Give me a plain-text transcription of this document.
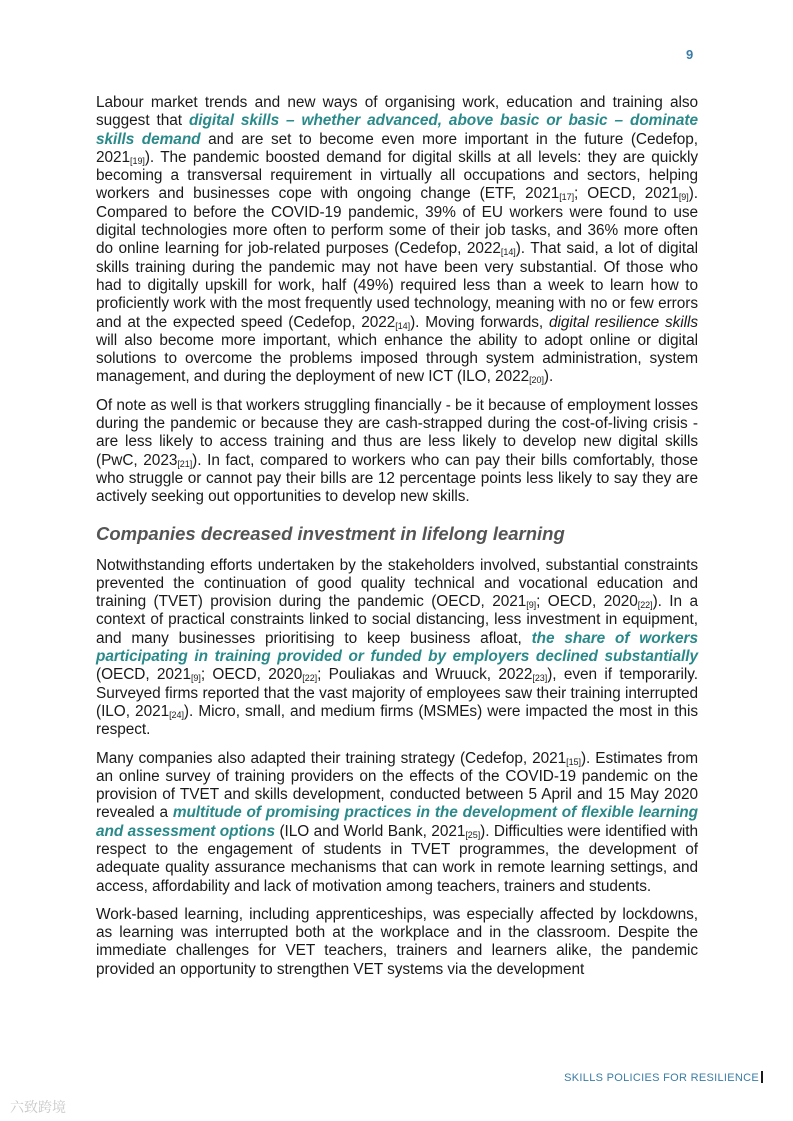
9

Labour market trends and new ways of organising work, education and training also suggest that digital skills – whether advanced, above basic or basic – dominate skills demand and are set to become even more important in the future (Cedefop, $2021_{[19]}$). The pandemic boosted demand for digital skills at all levels: they are quickly becoming a transversal requirement in virtually all occupations and sectors, helping workers and businesses cope with ongoing change (ETF, $2021_{[17]}$; OECD, $2021_{[9]}$). Compared to before the COVID-19 pandemic, 39% of EU workers were found to use digital technologies more often to perform some of their job tasks, and 36% more often do online learning for job-related purposes (Cedefop, $2022_{[14]}$). That said, a lot of digital skills training during the pandemic may not have been very substantial. Of those who had to digitally upskill for work, half (49%) required less than a week to learn how to proficiently work with the most frequently used technology, meaning with no or few errors and at the expected speed (Cedefop, $2022_{[14]}$). Moving forwards, digital resilience skills will also become more important, which enhance the ability to adopt online or digital solutions to overcome the problems imposed through system administration, system management, and during the deployment of new ICT (ILO, $2022_{[20]}$).

Of note as well is that workers struggling financially - be it because of employment losses during the pandemic or because they are cash-strapped during the cost-of-living crisis - are less likely to access training and thus are less likely to develop new digital skills (PwC, $2023_{[21]}$). In fact, compared to workers who can pay their bills comfortably, those who struggle or cannot pay their bills are 12 percentage points less likely to say they are actively seeking out opportunities to develop new skills.

Companies decreased investment in lifelong learning

Notwithstanding efforts undertaken by the stakeholders involved, substantial constraints prevented the continuation of good quality technical and vocational education and training (TVET) provision during the pandemic (OECD, $2021_{[9]}$; OECD, $2020_{[22]}$). In a context of practical constraints linked to social distancing, less investment in equipment, and many businesses prioritising to keep business afloat, the share of workers participating in training provided or funded by employers declined substantially (OECD, $2021_{[9]}$; OECD, $2020_{[22]}$; Pouliakas and Wruuck, $2022_{[23]}$), even if temporarily. Surveyed firms reported that the vast majority of employees saw their training interrupted (ILO, $2021_{[24]}$). Micro, small, and medium firms (MSMEs) were impacted the most in this respect.

Many companies also adapted their training strategy (Cedefop, $2021_{[15]}$). Estimates from an online survey of training providers on the effects of the COVID-19 pandemic on the provision of TVET and skills development, conducted between 5 April and 15 May 2020 revealed a multitude of promising practices in the development of flexible learning and assessment options (ILO and World Bank, $2021_{[25]}$). Difficulties were identified with respect to the engagement of students in TVET programmes, the development of adequate quality assurance mechanisms that can work in remote learning settings, and access, affordability and lack of motivation among teachers, trainers and students.

Work-based learning, including apprenticeships, was especially affected by lockdowns, as learning was interrupted both at the workplace and in the classroom. Despite the immediate challenges for VET teachers, trainers and learners alike, the pandemic provided an opportunity to strengthen VET systems via the development

SKILLS POLICIES FOR RESILIENCE
六致跨境
